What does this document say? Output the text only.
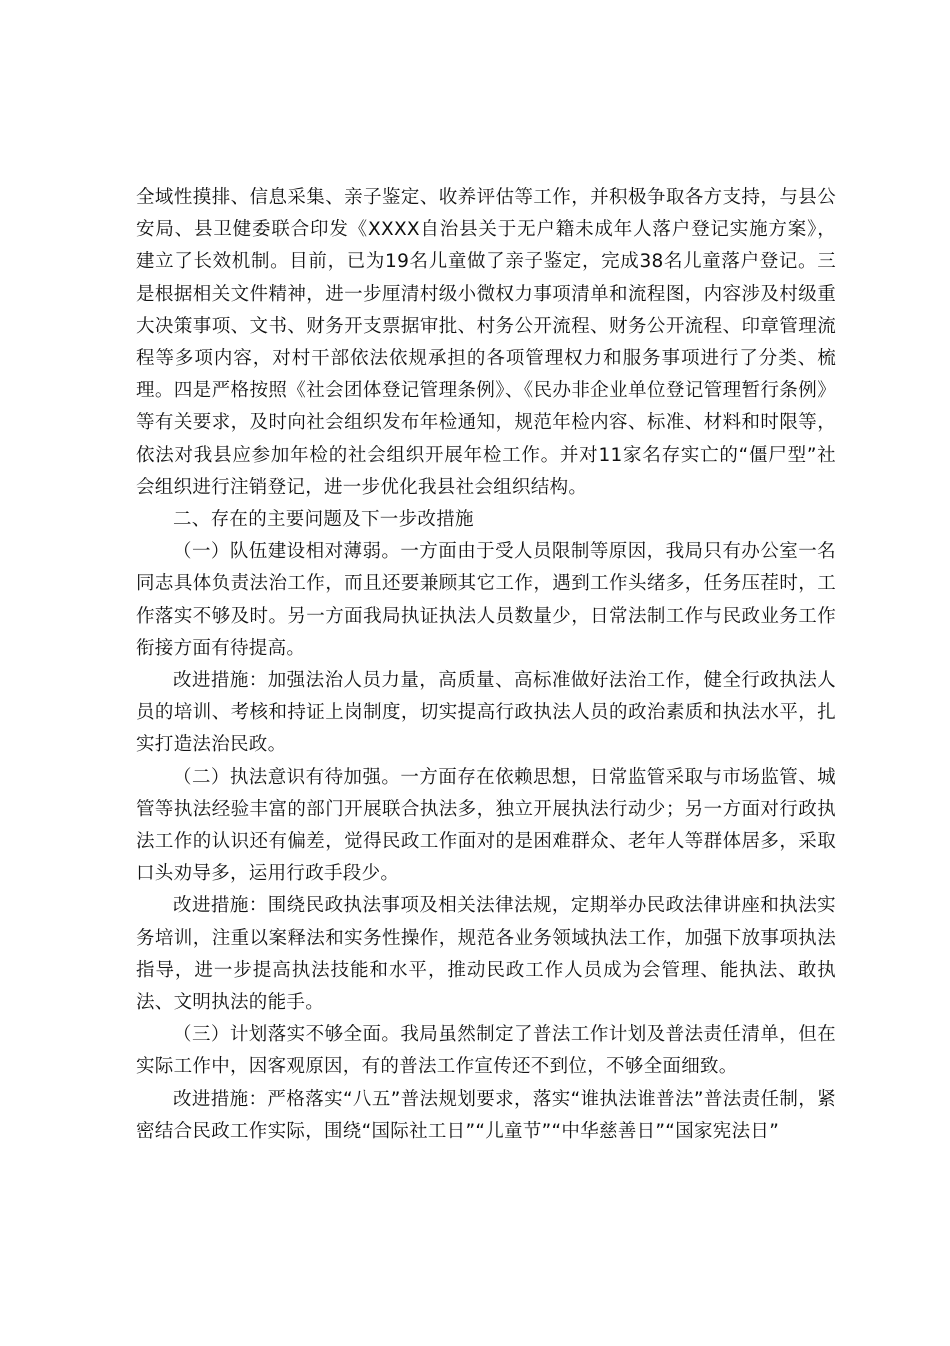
全域性摸排、信息采集、亲子鉴定、收养评估等工作，并积极争取各方支持，与县公安局、县卫健委联合印发《XXXX自治县关于无户籍未成年人落户登记实施方案》，建立了长效机制。目前，已为19名儿童做了亲子鉴定，完成38名儿童落户登记。三是根据相关文件精神，进一步厘清村级小微权力事项清单和流程图，内容涉及村级重大决策事项、文书、财务开支票据审批、村务公开流程、财务公开流程、印章管理流程等多项内容，对村干部依法依规承担的各项管理权力和服务事项进行了分类、梳理。四是严格按照《社会团体登记管理条例》、《民办非企业单位登记管理暂行条例》等有关要求，及时向社会组织发布年检通知，规范年检内容、标准、材料和时限等，依法对我县应参加年检的社会组织开展年检工作。并对11家名存实亡的“僵尸型”社会组织进行注销登记，进一步优化我县社会组织结构。

二、存在的主要问题及下一步改措施

（一）队伍建设相对薄弱。一方面由于受人员限制等原因，我局只有办公室一名同志具体负责法治工作，而且还要兼顾其它工作，遇到工作头绪多，任务压茬时，工作落实不够及时。另一方面我局执证执法人员数量少，日常法制工作与民政业务工作衔接方面有待提高。

改进措施：加强法治人员力量，高质量、高标准做好法治工作，健全行政执法人员的培训、考核和持证上岗制度，切实提高行政执法人员的政治素质和执法水平，扎实打造法治民政。

（二）执法意识有待加强。一方面存在依赖思想，日常监管采取与市场监管、城管等执法经验丰富的部门开展联合执法多，独立开展执法行动少；另一方面对行政执法工作的认识还有偏差，觉得民政工作面对的是困难群众、老年人等群体居多，采取口头劝导多，运用行政手段少。

改进措施：围绕民政执法事项及相关法律法规，定期举办民政法律讲座和执法实务培训，注重以案释法和实务性操作，规范各业务领域执法工作，加强下放事项执法指导，进一步提高执法技能和水平，推动民政工作人员成为会管理、能执法、敢执法、文明执法的能手。

（三）计划落实不够全面。我局虽然制定了普法工作计划及普法责任清单，但在实际工作中，因客观原因，有的普法工作宣传还不到位，不够全面细致。

改进措施：严格落实“八五”普法规划要求，落实“谁执法谁普法”普法责任制，紧密结合民政工作实际，围绕“国际社工日”“儿童节”“中华慈善日”“国家宪法日”
